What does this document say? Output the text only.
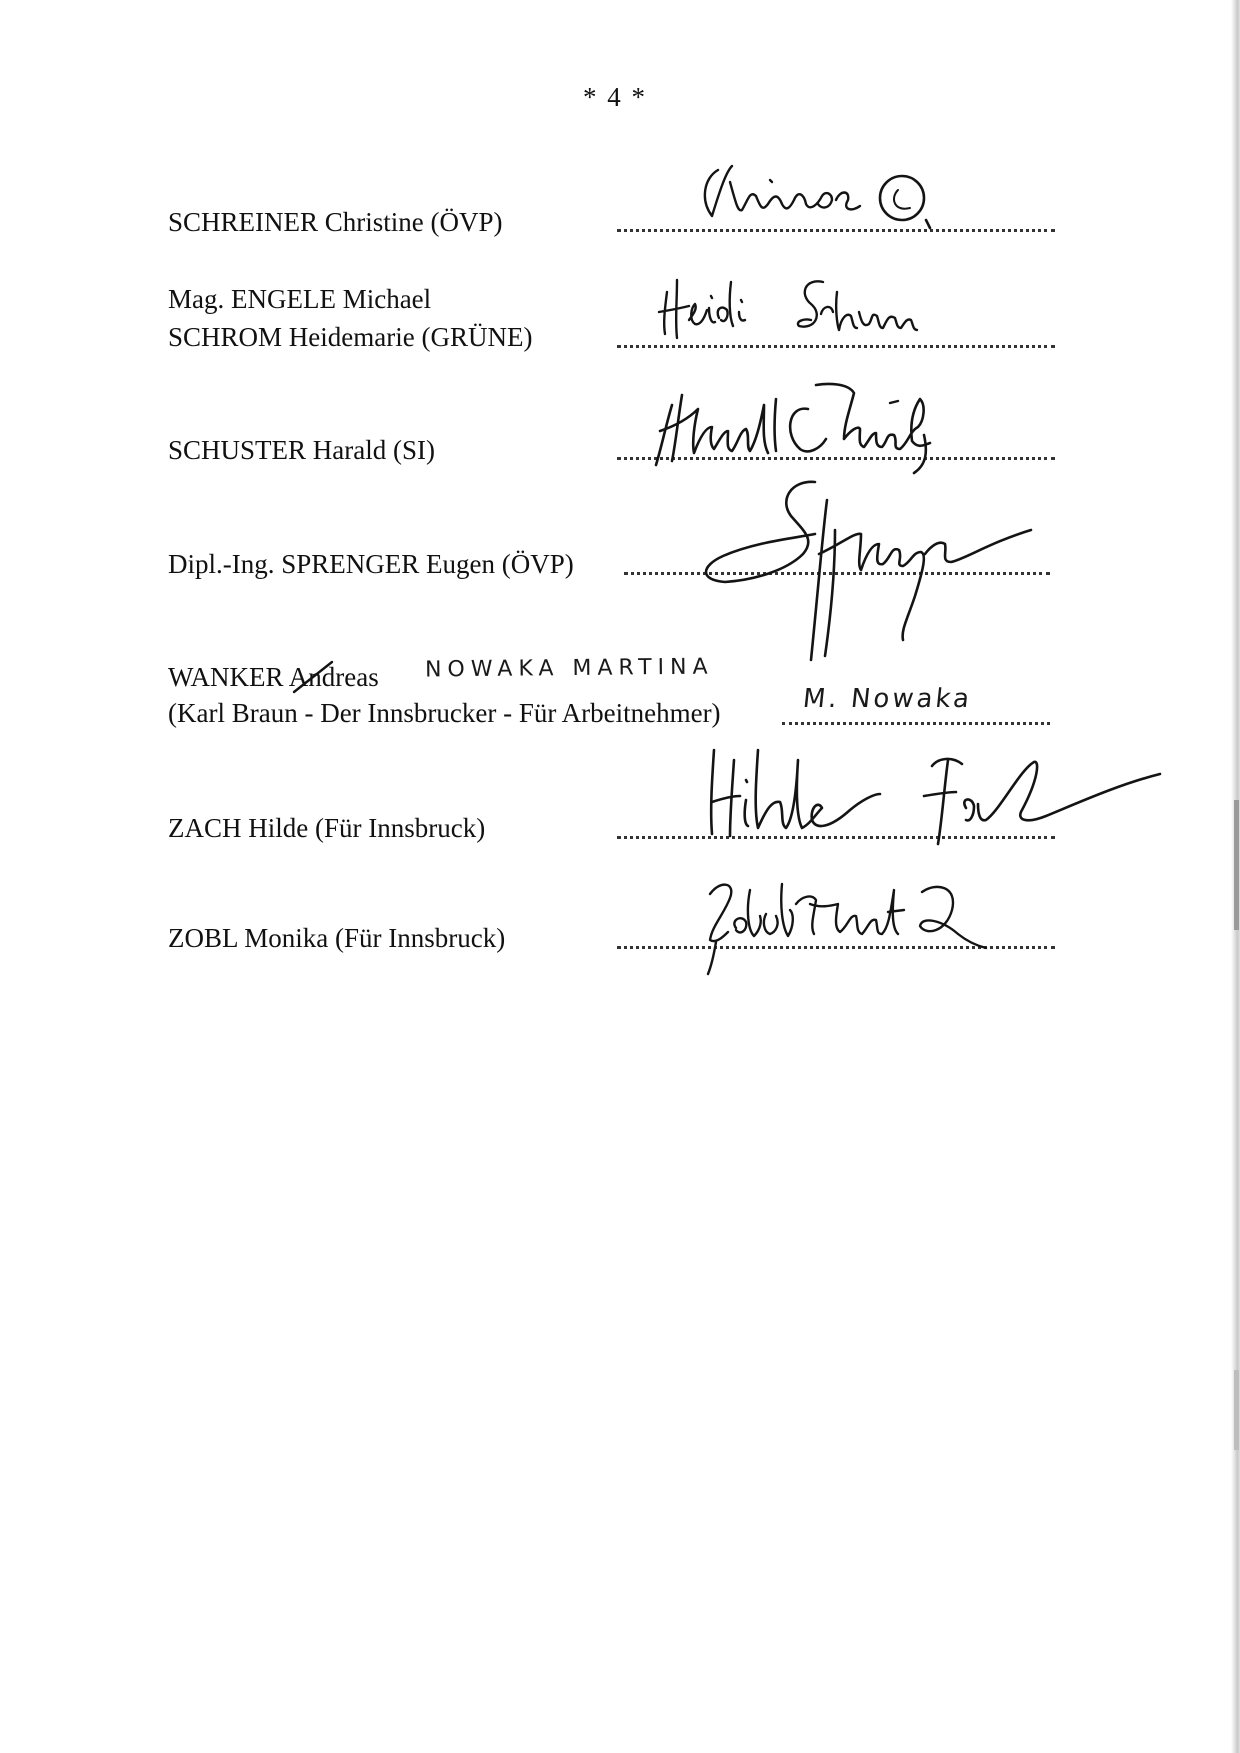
* 4 *
SCHREINER Christine (ÖVP)
Mag. ENGELE Michael
SCHROM Heidemarie (GRÜNE)
SCHUSTER Harald (SI)
Dipl.-Ing. SPRENGER Eugen (ÖVP)
WANKER Andreas NOWAKA MARTINA
(Karl Braun - Der Innsbrucker - Für Arbeitnehmer)	M. Nowaka
ZACH Hilde (Für Innsbruck)
ZOBL Monika (Für Innsbruck)
